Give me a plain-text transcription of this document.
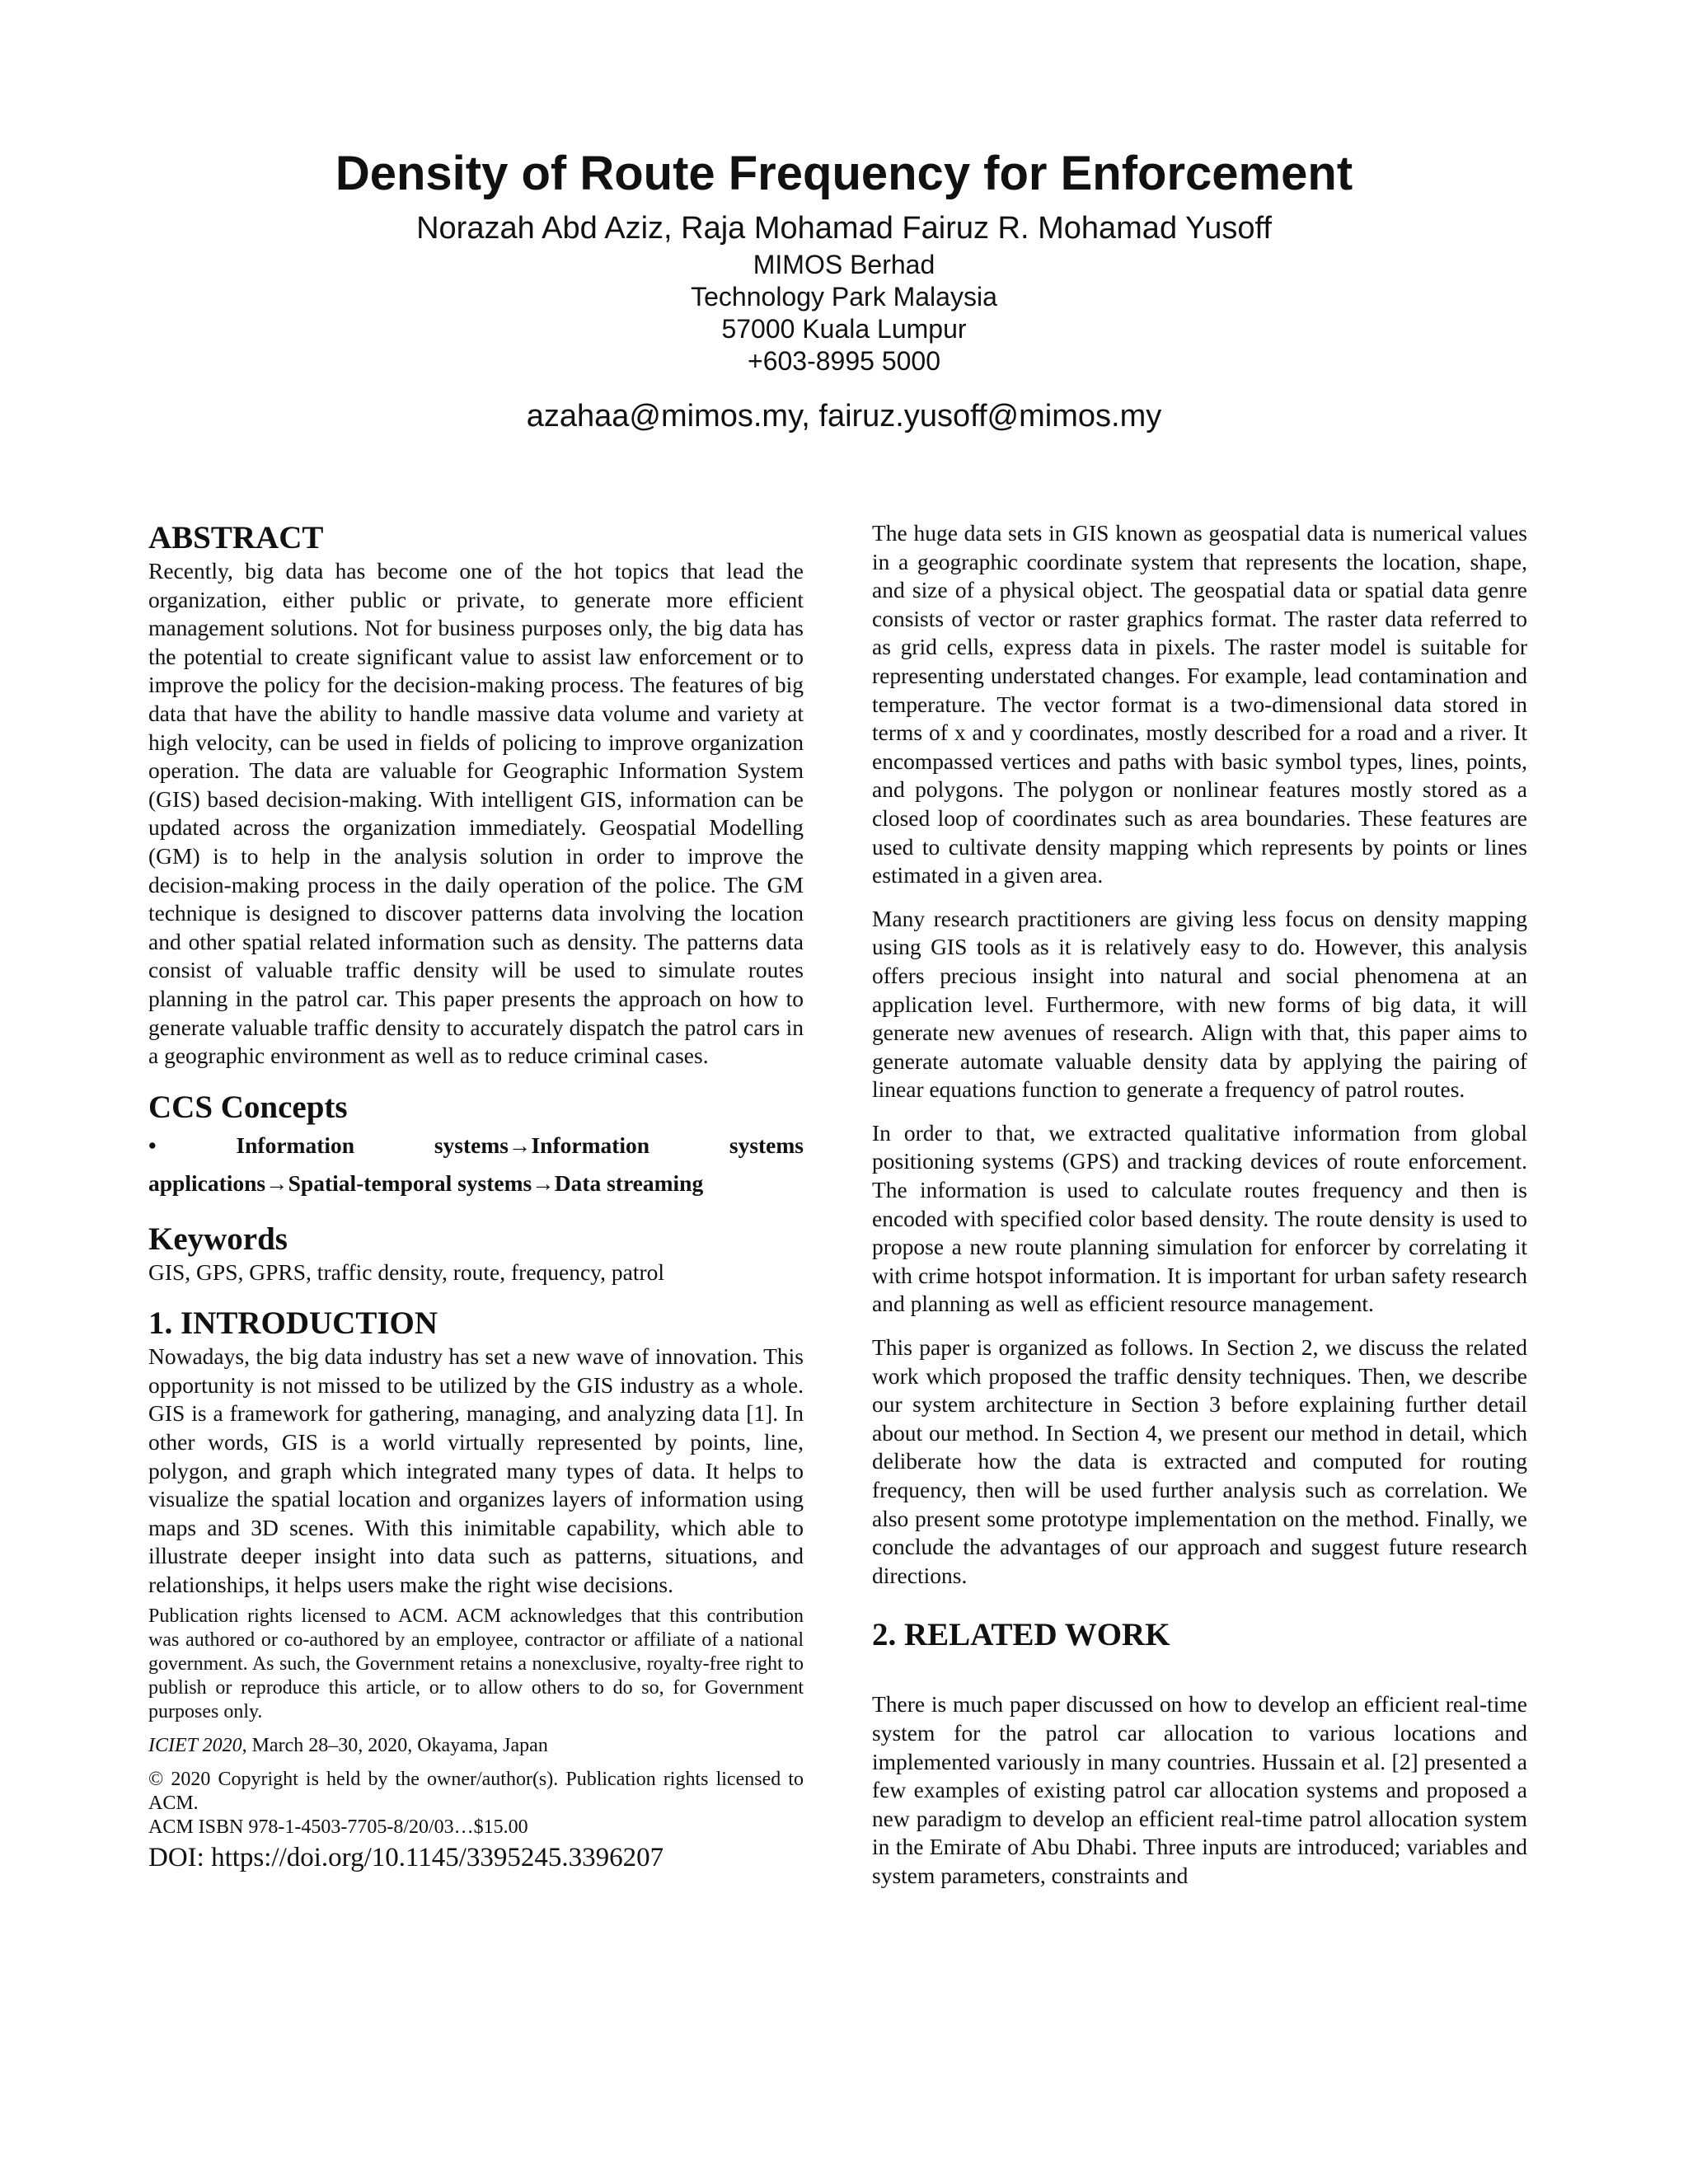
Density of Route Frequency for Enforcement

Norazah Abd Aziz, Raja Mohamad Fairuz R. Mohamad Yusoff

MIMOS Berhad

Technology Park Malaysia

57000 Kuala Lumpur

+603-8995 5000

azahaa@mimos.my, fairuz.yusoff@mimos.my

ABSTRACT

Recently, big data has become one of the hot topics that lead the organization, either public or private, to generate more efficient management solutions. Not for business purposes only, the big data has the potential to create significant value to assist law enforcement or to improve the policy for the decision-making process. The features of big data that have the ability to handle massive data volume and variety at high velocity, can be used in fields of policing to improve organization operation. The data are valuable for Geographic Information System (GIS) based decision-making. With intelligent GIS, information can be updated across the organization immediately. Geospatial Modelling (GM) is to help in the analysis solution in order to improve the decision-making process in the daily operation of the police. The GM technique is designed to discover patterns data involving the location and other spatial related information such as density. The patterns data consist of valuable traffic density will be used to simulate routes planning in the patrol car. This paper presents the approach on how to generate valuable traffic density to accurately dispatch the patrol cars in a geographic environment as well as to reduce criminal cases.

CCS Concepts

• Information systems→Information systems

applications→Spatial-temporal systems→Data streaming

Keywords

GIS, GPS, GPRS, traffic density, route, frequency, patrol

1. INTRODUCTION

Nowadays, the big data industry has set a new wave of innovation. This opportunity is not missed to be utilized by the GIS industry as a whole. GIS is a framework for gathering, managing, and analyzing data [1]. In other words, GIS is a world virtually represented by points, line, polygon, and graph which integrated many types of data. It helps to visualize the spatial location and organizes layers of information using maps and 3D scenes. With this inimitable capability, which able to illustrate deeper insight into data such as patterns, situations, and relationships, it helps users make the right wise decisions.

Publication rights licensed to ACM. ACM acknowledges that this contribution was authored or co-authored by an employee, contractor or affiliate of a national government. As such, the Government retains a nonexclusive, royalty-free right to publish or reproduce this article, or to allow others to do so, for Government purposes only.

ICIET 2020, March 28–30, 2020, Okayama, Japan

© 2020 Copyright is held by the owner/author(s). Publication rights licensed to ACM.

ACM ISBN 978-1-4503-7705-8/20/03…$15.00

DOI: https://doi.org/10.1145/3395245.3396207

The huge data sets in GIS known as geospatial data is numerical values in a geographic coordinate system that represents the location, shape, and size of a physical object. The geospatial data or spatial data genre consists of vector or raster graphics format. The raster data referred to as grid cells, express data in pixels. The raster model is suitable for representing understated changes. For example, lead contamination and temperature. The vector format is a two-dimensional data stored in terms of x and y coordinates, mostly described for a road and a river. It encompassed vertices and paths with basic symbol types, lines, points, and polygons. The polygon or nonlinear features mostly stored as a closed loop of coordinates such as area boundaries. These features are used to cultivate density mapping which represents by points or lines estimated in a given area.

Many research practitioners are giving less focus on density mapping using GIS tools as it is relatively easy to do. However, this analysis offers precious insight into natural and social phenomena at an application level. Furthermore, with new forms of big data, it will generate new avenues of research. Align with that, this paper aims to generate automate valuable density data by applying the pairing of linear equations function to generate a frequency of patrol routes.

In order to that, we extracted qualitative information from global positioning systems (GPS) and tracking devices of route enforcement. The information is used to calculate routes frequency and then is encoded with specified color based density. The route density is used to propose a new route planning simulation for enforcer by correlating it with crime hotspot information. It is important for urban safety research and planning as well as efficient resource management.

This paper is organized as follows. In Section 2, we discuss the related work which proposed the traffic density techniques. Then, we describe our system architecture in Section 3 before explaining further detail about our method. In Section 4, we present our method in detail, which deliberate how the data is extracted and computed for routing frequency, then will be used further analysis such as correlation. We also present some prototype implementation on the method. Finally, we conclude the advantages of our approach and suggest future research directions.

2. RELATED WORK

There is much paper discussed on how to develop an efficient real-time system for the patrol car allocation to various locations and implemented variously in many countries. Hussain et al. [2] presented a few examples of existing patrol car allocation systems and proposed a new paradigm to develop an efficient real-time patrol allocation system in the Emirate of Abu Dhabi. Three inputs are introduced; variables and system parameters, constraints and
